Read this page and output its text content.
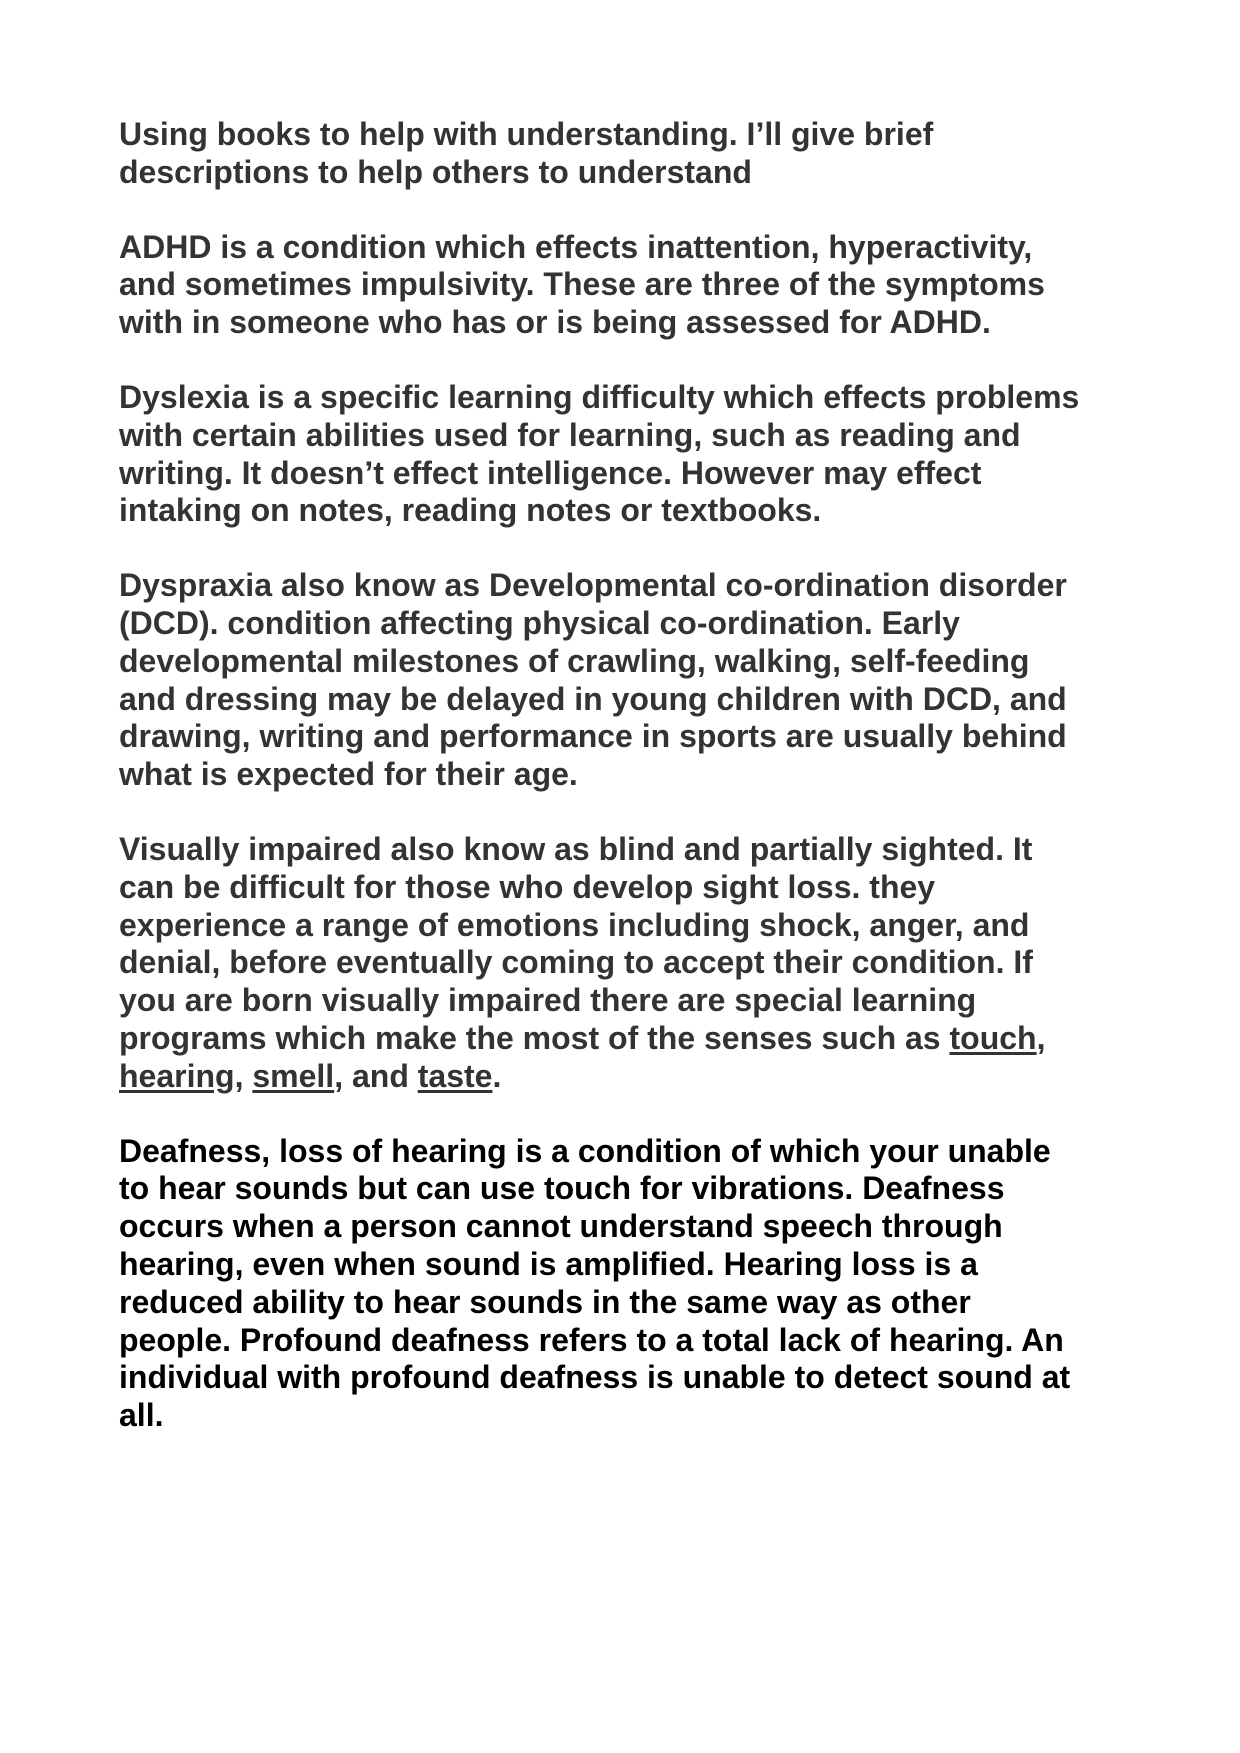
Using books to help with understanding. I’ll give brief
descriptions to help others to understand

ADHD is a condition which effects inattention, hyperactivity,
and sometimes impulsivity. These are three of the symptoms
with in someone who has or is being assessed for ADHD.

Dyslexia is a specific learning difficulty which effects problems
with certain abilities used for learning, such as reading and
writing. It doesn’t effect intelligence. However may effect
intaking on notes, reading notes or textbooks.

Dyspraxia also know as Developmental co-ordination disorder
(DCD). condition affecting physical co-ordination. Early
developmental milestones of crawling, walking, self-feeding
and dressing may be delayed in young children with DCD, and
drawing, writing and performance in sports are usually behind
what is expected for their age.

Visually impaired also know as blind and partially sighted. It
can be difficult for those who develop sight loss. they
experience a range of emotions including shock, anger, and
denial, before eventually coming to accept their condition. If
you are born visually impaired there are special learning
programs which make the most of the senses such as touch,
hearing, smell, and taste.

Deafness, loss of hearing is a condition of which your unable
to hear sounds but can use touch for vibrations. Deafness
occurs when a person cannot understand speech through
hearing, even when sound is amplified. Hearing loss is a
reduced ability to hear sounds in the same way as other
people. Profound deafness refers to a total lack of hearing. An
individual with profound deafness is unable to detect sound at
all.
